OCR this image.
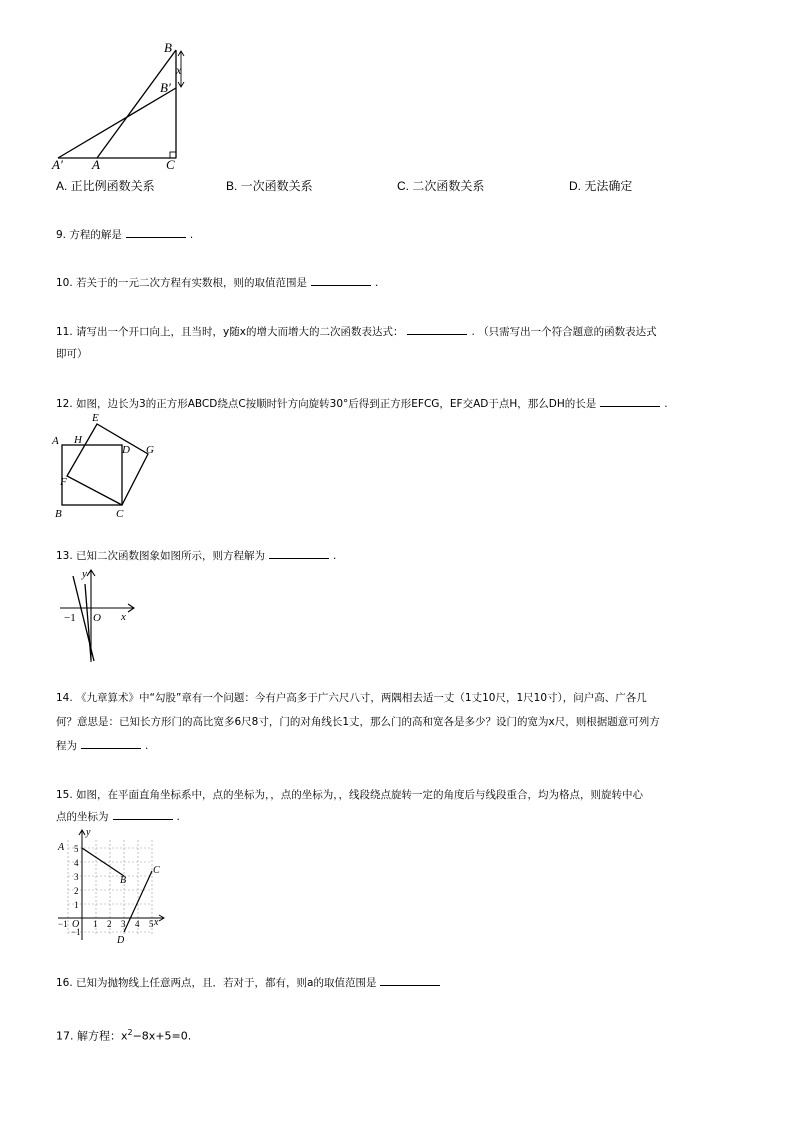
B
B′
x
A′ A	C
A. 正比例函数关系	B. 一次函数关系	C. 二次函数关系	D. 无法确定
9. 方程的解是	.
10. 若关于的一元二次方程有实数根，则的取值范围是	.
11. 请写出一个开口向上，且当时，y随x的增大而增大的二次函数表达式：	. （只需写出一个符合题意的函数表达式
即可）
12. 如图，边长为3的正方形ABCD绕点C按顺时针方向旋转30°后得到正方形EFCG，EF交AD于点H，那么DH的长是	.
A H
D
E
G
F
B	C
13. 已知二次函数图象如图所示，则方程解为	.
y
x
O
−1
14. 《九章算术》中“勾股”章有一个问题：今有户高多于广六尺八寸，两隅相去适一丈（1丈10尺，1尺10寸），问户高、广各几
何？意思是：已知长方形门的高比宽多6尺8寸，门的对角线长1丈，那么门的高和宽各是多少？设门的宽为x尺，则根据题意可列方
程为	.
15. 如图，在平面直角坐标系中，点的坐标为，，点的坐标为，，线段绕点旋转一定的角度后与线段重合，均为格点，则旋转中心
点的坐标为	.
y
x
A
B
C
D
O
−1
5
4
3
2
1
−1
1 2 3 4 5
16. 已知为抛物线上任意两点，且．若对于，都有，则a的取值范围是
17. 解方程：$x^2-8x+5=0$.
